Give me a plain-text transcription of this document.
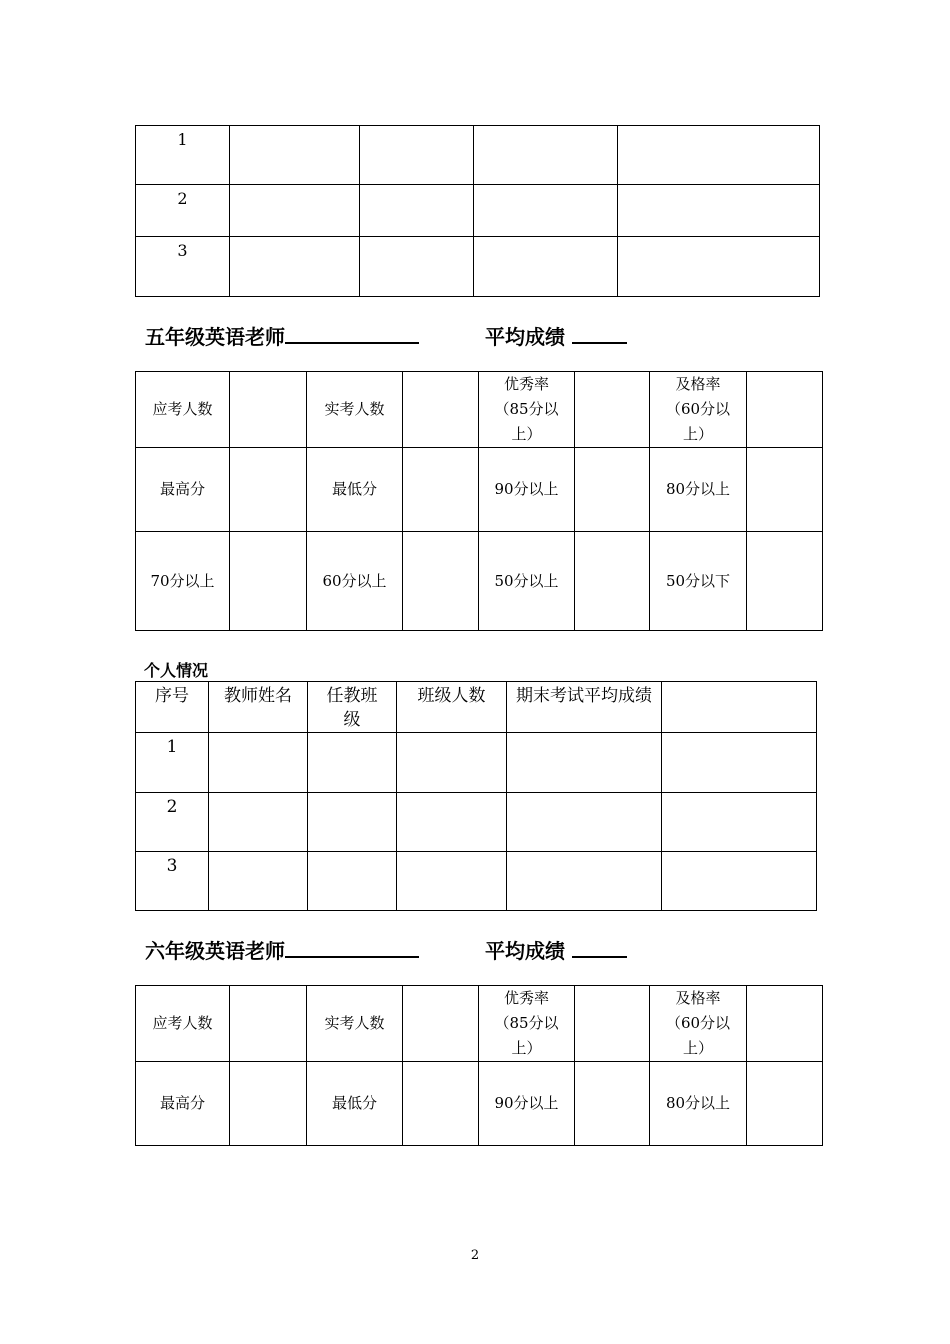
1				
2				
3				
五年级英语老师	平均成绩
应考人数		实考人数		优秀率（85分以上）		及格率（60分以上）	
最高分		最低分		90分以上		80分以上	
70分以上		60分以上		50分以上		50分以下	
个人情况
序号	教师姓名	任教班级	班级人数	期末考试平均成绩	
1					
2					
3					
六年级英语老师	平均成绩
应考人数		实考人数		优秀率（85分以上）		及格率（60分以上）	
最高分		最低分		90分以上		80分以上	
2
